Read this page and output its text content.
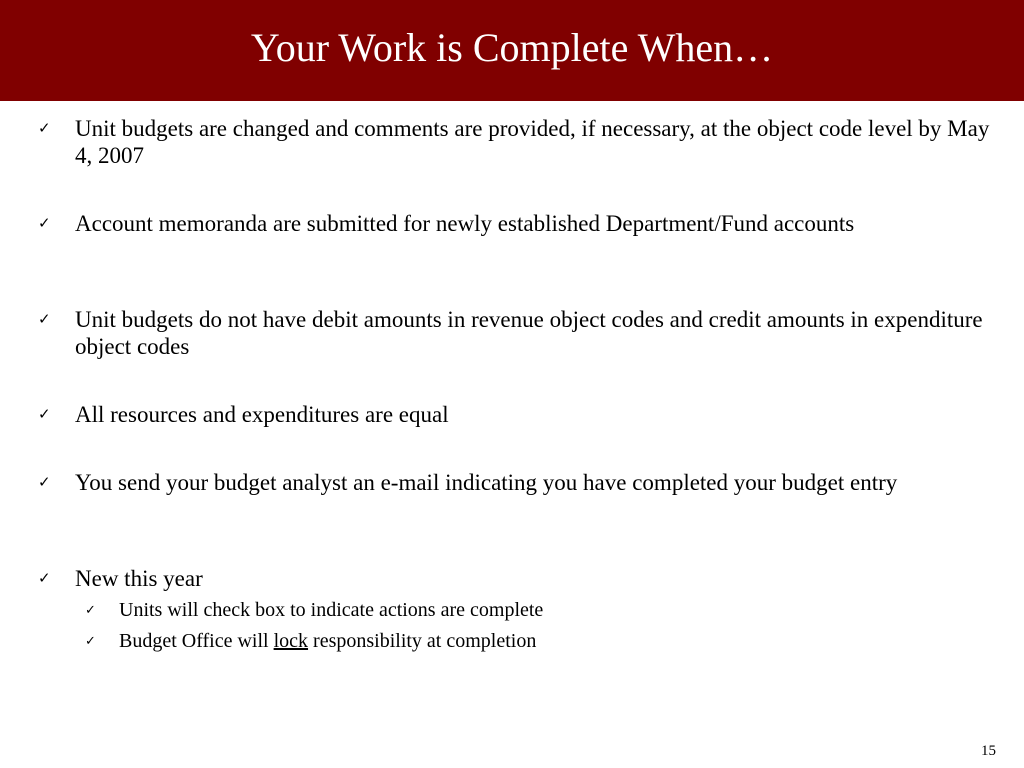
Your Work is Complete When…
✓ Unit budgets are changed and comments are provided, if necessary, at the object code level by May 4, 2007
✓ Account memoranda are submitted for newly established Department/Fund accounts
✓ Unit budgets do not have debit amounts in revenue object codes and credit amounts in expenditure object codes
✓ All resources and expenditures are equal
✓ You send your budget analyst an e-mail indicating you have completed your budget entry
✓ New this year
✓ Units will check box to indicate actions are complete
✓ Budget Office will lock responsibility at completion
15
